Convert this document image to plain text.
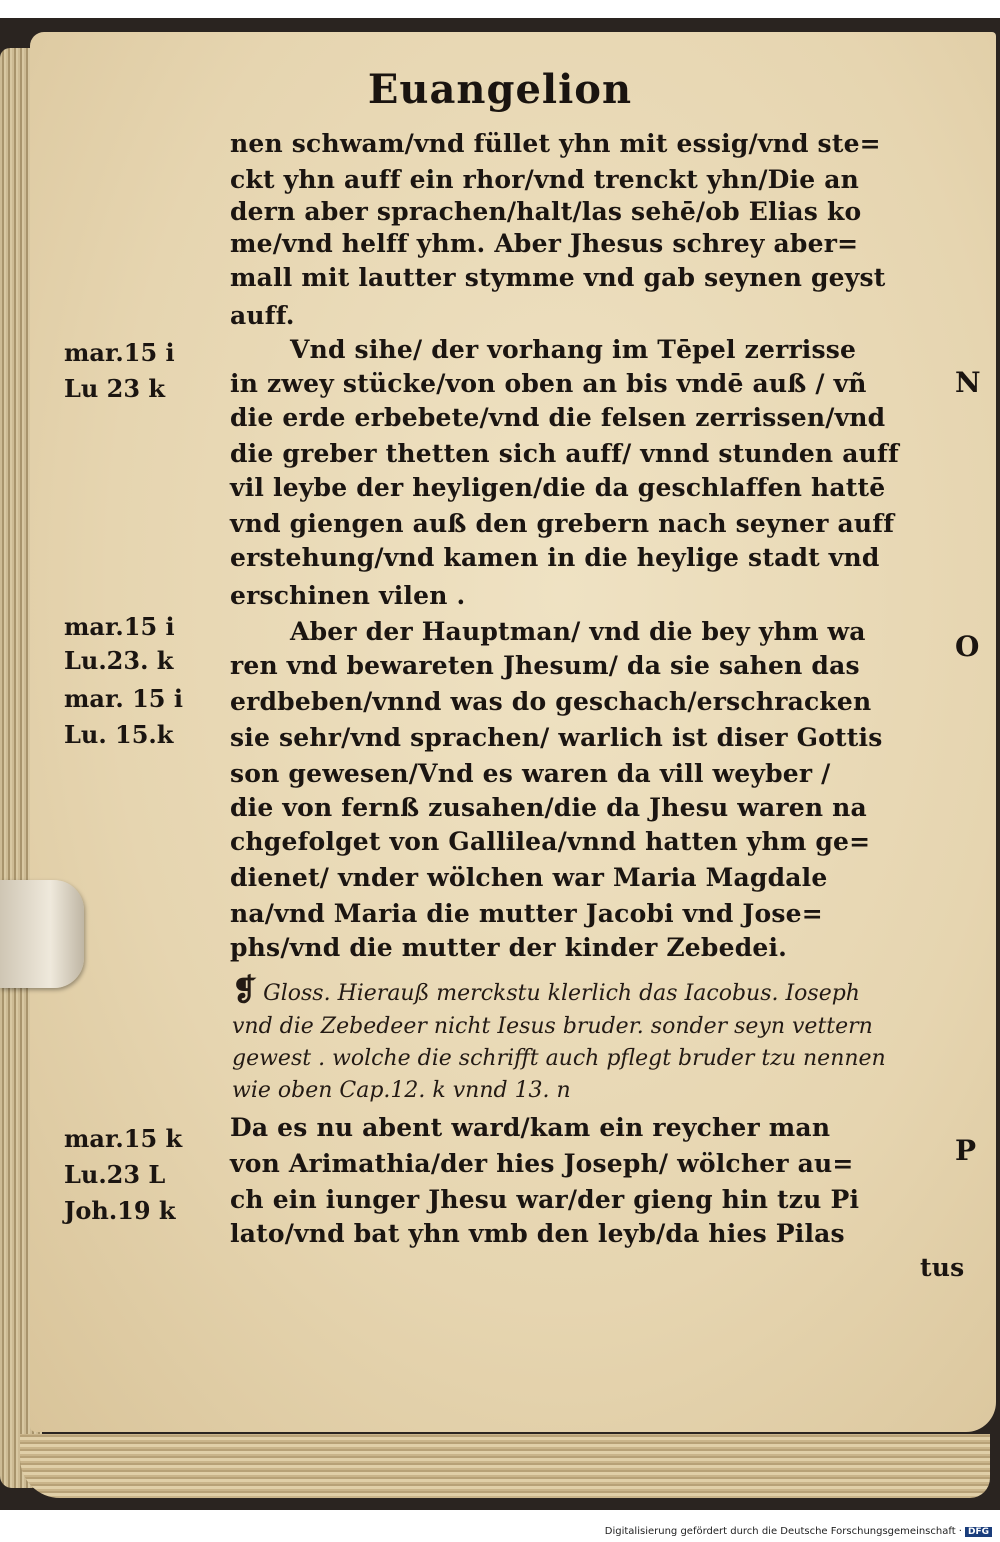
Euangelion
nen schwam/vnd füllet yhn mit essig/vnd ste=
ckt yhn auff ein rhor/vnd trenckt yhn/Die an
dern aber sprachen/halt/las sehē/ob Elias ko
me/vnd helff yhm. Aber Jhesus schrey aber=
mall mit lautter stymme vnd gab seynen geyst
auff.
Vnd sihe/ der vorhang im Tēpel zerrisse
in zwey stücke/von oben an bis vndē auß / vñ
die erde erbebete/vnd die felsen zerrissen/vnd
die greber thetten sich auff/ vnnd stunden auff
vil leybe der heyligen/die da geschlaffen hattē
vnd giengen auß den grebern nach seyner auff
erstehung/vnd kamen in die heylige stadt vnd
erschinen vilen .
Aber der Hauptman/ vnd die bey yhm wa
ren vnd bewareten Jhesum/ da sie sahen das
erdbeben/vnnd was do geschach/erschracken
sie sehr/vnd sprachen/ warlich ist diser Gottis
son gewesen/Vnd es waren da vill weyber /
die von fernß zusahen/die da Jhesu waren na
chgefolget von Gallilea/vnnd hatten yhm ge=
dienet/ vnder wölchen war Maria Magdale
na/vnd Maria die mutter Jacobi vnd Jose=
phs/vnd die mutter der kinder Zebedei.
❡ Gloss. Hierauß merckstu klerlich das Iacobus. Ioseph
vnd die Zebedeer nicht Iesus bruder. sonder seyn vettern
gewest . wolche die schrifft auch pflegt bruder tzu nennen
wie oben Cap.12. k vnnd 13. n
Da es nu abent ward/kam ein reycher man
von Arimathia/der hies Joseph/ wölcher au=
ch ein iunger Jhesu war/der gieng hin tzu Pi
lato/vnd bat yhn vmb den leyb/da hies Pilas
tus
mar.15 i
Lu 23 k
mar.15 i
Lu.23. k
mar. 15 i
Lu. 15.k
mar.15 k
Lu.23 L
Joh.19 k
N
O
P
Digitalisierung gefördert durch die Deutsche Forschungsgemeinschaft · DFG
